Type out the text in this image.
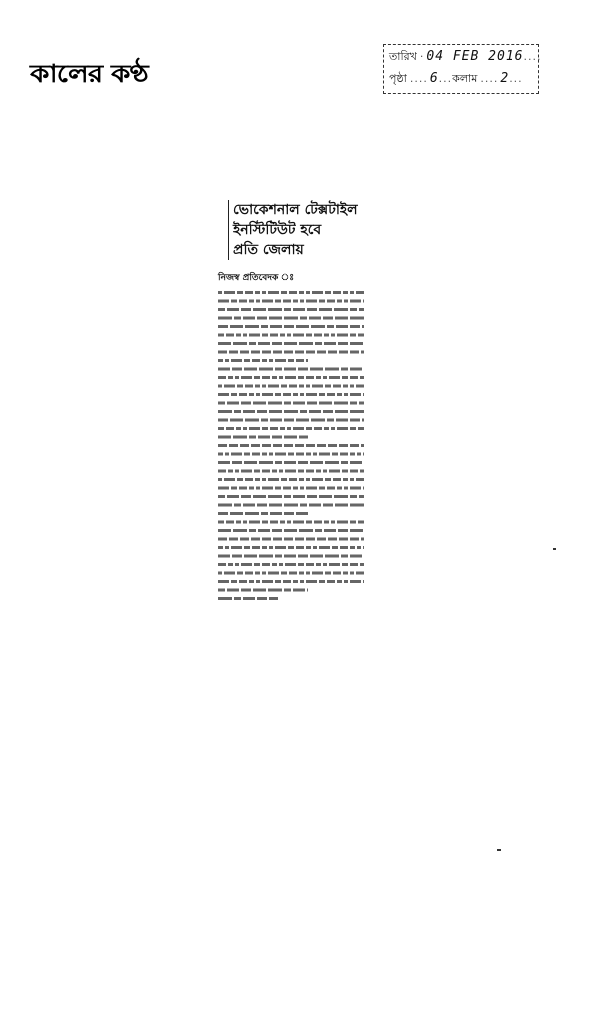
কালের কণ্ঠ
তারিখ · 04 FEB 2016 ....
পৃষ্ঠা .... 6 ... কলাম .... 2 ...
ভোকেশনাল টেক্সটাইল
ইনস্টিটিউট হবে
প্রতি জেলায়
নিজস্ব প্রতিবেদক ঃ
